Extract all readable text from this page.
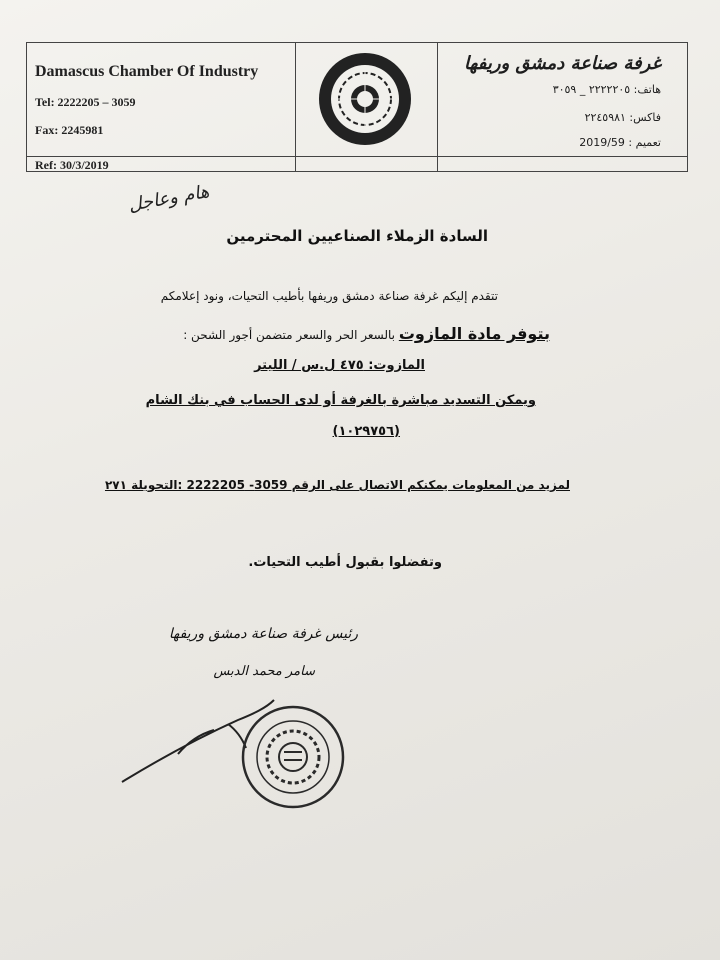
Damascus Chamber Of Industry
Tel: 2222205 – 3059
Fax: 2245981
Ref: 30/3/2019
غرفة صناعة دمشق وريفها
هاتف: ٢٢٢٢٢٠٥ _ ٣٠٥٩
فاكس: ٢٢٤٥٩٨١
تعميم : 2019/59
هام وعاجل
السادة الزملاء الصناعيين المحترمين
تتقدم إليكم غرفة صناعة دمشق وريفها بأطيب التحيات، ونود إعلامكم
بتوفر مادة المازوت بالسعر الحر والسعر متضمن أجور الشحن :
المازوت: ٤٧٥ ل.س / الليتر
ويمكن التسديد مباشرة بالغرفة أو لدى الحساب في بنك الشام
(١٠٢٩٧٥٦)
لمزيد من المعلومات يمكنكم الاتصال على الرقم 3059- 2222205 :التحويلة ٢٧١
وتفضلوا بقبول أطيب التحيات.
رئيس غرفة صناعة دمشق وريفها
سامر محمد الدبس
